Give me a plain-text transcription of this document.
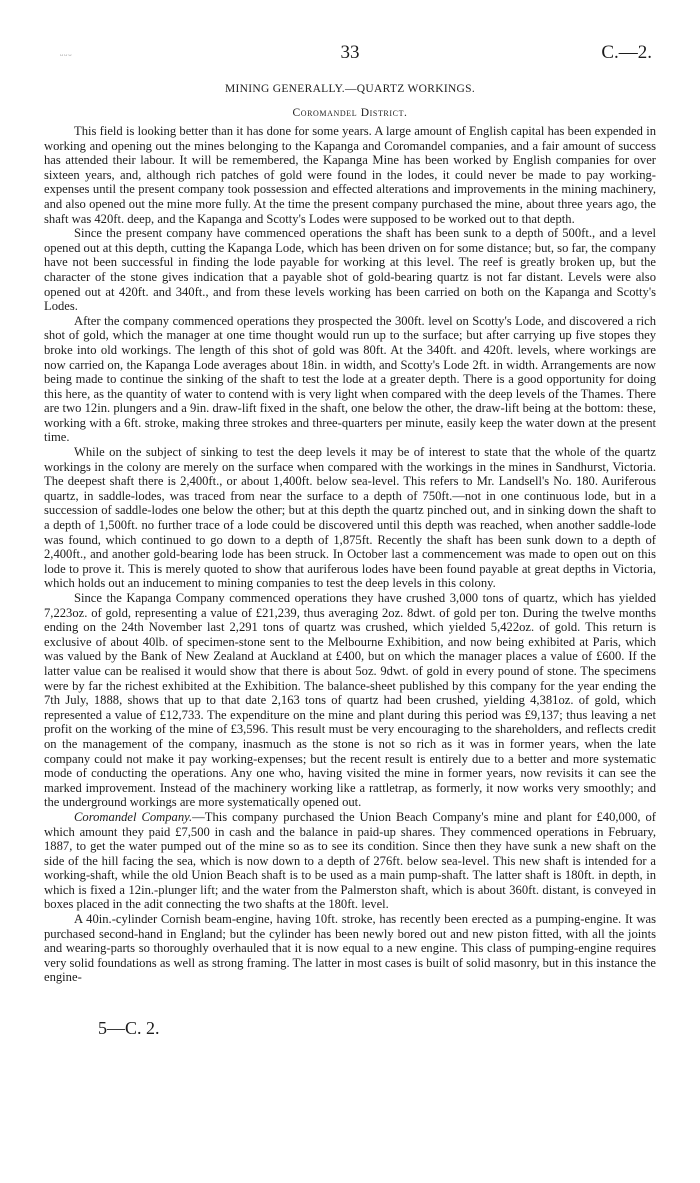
ᵕᵕᵕ	33	C.—2.
MINING GENERALLY.—QUARTZ WORKINGS.
Coromandel District.

This field is looking better than it has done for some years. A large amount of English capital has been expended in working and opening out the mines belonging to the Kapanga and Coromandel companies, and a fair amount of success has attended their labour. It will be remembered, the Kapanga Mine has been worked by English companies for over sixteen years, and, although rich patches of gold were found in the lodes, it could never be made to pay working-expenses until the present company took possession and effected alterations and improvements in the mining machinery, and also opened out the mine more fully. At the time the present company purchased the mine, about three years ago, the shaft was 420ft. deep, and the Kapanga and Scotty's Lodes were supposed to be worked out to that depth.

Since the present company have commenced operations the shaft has been sunk to a depth of 500ft., and a level opened out at this depth, cutting the Kapanga Lode, which has been driven on for some distance; but, so far, the company have not been successful in finding the lode payable for working at this level. The reef is greatly broken up, but the character of the stone gives indication that a payable shot of gold-bearing quartz is not far distant. Levels were also opened out at 420ft. and 340ft., and from these levels working has been carried on both on the Kapanga and Scotty's Lodes.

After the company commenced operations they prospected the 300ft. level on Scotty's Lode, and discovered a rich shot of gold, which the manager at one time thought would run up to the surface; but after carrying up five stopes they broke into old workings. The length of this shot of gold was 80ft. At the 340ft. and 420ft. levels, where workings are now carried on, the Kapanga Lode averages about 18in. in width, and Scotty's Lode 2ft. in width. Arrangements are now being made to continue the sinking of the shaft to test the lode at a greater depth. There is a good opportunity for doing this here, as the quantity of water to contend with is very light when compared with the deep levels of the Thames. There are two 12in. plungers and a 9in. draw-lift fixed in the shaft, one below the other, the draw-lift being at the bottom: these, working with a 6ft. stroke, making three strokes and three-quarters per minute, easily keep the water down at the present time.

While on the subject of sinking to test the deep levels it may be of interest to state that the whole of the quartz workings in the colony are merely on the surface when compared with the workings in the mines in Sandhurst, Victoria. The deepest shaft there is 2,400ft., or about 1,400ft. below sea-level. This refers to Mr. Landsell's No. 180. Auriferous quartz, in saddle-lodes, was traced from near the surface to a depth of 750ft.—not in one continuous lode, but in a succession of saddle-lodes one below the other; but at this depth the quartz pinched out, and in sinking down the shaft to a depth of 1,500ft. no further trace of a lode could be discovered until this depth was reached, when another saddle-lode was found, which continued to go down to a depth of 1,875ft. Recently the shaft has been sunk down to a depth of 2,400ft., and another gold-bearing lode has been struck. In October last a commencement was made to open out on this lode to prove it. This is merely quoted to show that auriferous lodes have been found payable at great depths in Victoria, which holds out an inducement to mining companies to test the deep levels in this colony.

Since the Kapanga Company commenced operations they have crushed 3,000 tons of quartz, which has yielded 7,223oz. of gold, representing a value of £21,239, thus averaging 2oz. 8dwt. of gold per ton. During the twelve months ending on the 24th November last 2,291 tons of quartz was crushed, which yielded 5,422oz. of gold. This return is exclusive of about 40lb. of specimen-stone sent to the Melbourne Exhibition, and now being exhibited at Paris, which was valued by the Bank of New Zealand at Auckland at £400, but on which the manager places a value of £600. If the latter value can be realised it would show that there is about 5oz. 9dwt. of gold in every pound of stone. The specimens were by far the richest exhibited at the Exhibition. The balance-sheet published by this company for the year ending the 7th July, 1888, shows that up to that date 2,163 tons of quartz had been crushed, yielding 4,381oz. of gold, which represented a value of £12,733. The expenditure on the mine and plant during this period was £9,137; thus leaving a net profit on the working of the mine of £3,596. This result must be very encouraging to the shareholders, and reflects credit on the management of the company, inasmuch as the stone is not so rich as it was in former years, when the late company could not make it pay working-expenses; but the recent result is entirely due to a better and more systematic mode of conducting the operations. Any one who, having visited the mine in former years, now revisits it can see the marked improvement. Instead of the machinery working like a rattletrap, as formerly, it now works very smoothly; and the underground workings are more systematically opened out.

Coromandel Company.—This company purchased the Union Beach Company's mine and plant for £40,000, of which amount they paid £7,500 in cash and the balance in paid-up shares. They commenced operations in February, 1887, to get the water pumped out of the mine so as to see its condition. Since then they have sunk a new shaft on the side of the hill facing the sea, which is now down to a depth of 276ft. below sea-level. This new shaft is intended for a working-shaft, while the old Union Beach shaft is to be used as a main pump-shaft. The latter shaft is 180ft. in depth, in which is fixed a 12in.-plunger lift; and the water from the Palmerston shaft, which is about 360ft. distant, is conveyed in boxes placed in the adit connecting the two shafts at the 180ft. level.

A 40in.-cylinder Cornish beam-engine, having 10ft. stroke, has recently been erected as a pumping-engine. It was purchased second-hand in England; but the cylinder has been newly bored out and new piston fitted, with all the joints and wearing-parts so thoroughly overhauled that it is now equal to a new engine. This class of pumping-engine requires very solid foundations as well as strong framing. The latter in most cases is built of solid masonry, but in this instance the engine-

5—C. 2.
